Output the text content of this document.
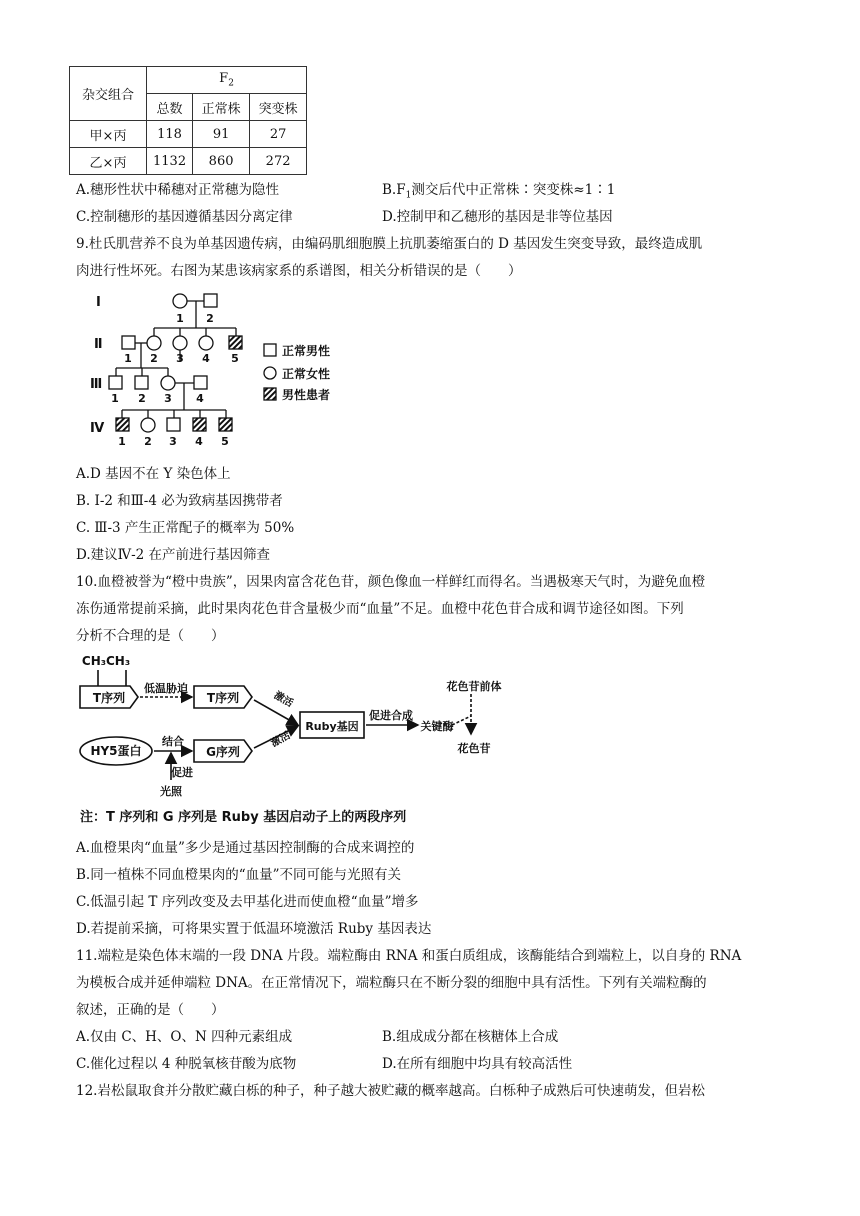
杂交组合	$F_2$
	总数	正常株	突变株
甲×丙	118	91	27
乙×丙	1132	860	272
A.穗形性状中稀穗对正常穗为隐性	$B.F_1$测交后代中正常株∶突变株≈1∶1
C.控制穗形的基因遵循基因分离定律	D.控制甲和乙穗形的基因是非等位基因
9.杜氏肌营养不良为单基因遗传病，由编码肌细胞膜上抗肌萎缩蛋白的 D 基因发生突变导致，最终造成肌
肉进行性坏死。右图为某患该病家系的系谱图，相关分析错误的是（　　）
Ⅰ
Ⅱ
Ⅲ
Ⅳ
1 2
1 2 3 4 5
1 2 3 4
1 2 3 4 5
正常男性
正常女性
男性患者
A.D 基因不在 Y 染色体上
B. Ⅰ-2 和Ⅲ-4 必为致病基因携带者
C. Ⅲ-3 产生正常配子的概率为 50%
D.建议Ⅳ-2 在产前进行基因筛查
10.血橙被誉为“橙中贵族”，因果肉富含花色苷，颜色像血一样鲜红而得名。当遇极寒天气时，为避免血橙
冻伤通常提前采摘，此时果肉花色苷含量极少而“血量”不足。血橙中花色苷合成和调节途径如图。下列
分析不合理的是（　　）
CH₃CH₃
T序列
低温胁迫
T序列
HY5蛋白
结合
促进
光照
G序列
激活
激活
Ruby基因
促进合成
关键酶
花色苷前体
花色苷
注：T 序列和 G 序列是 Ruby 基因启动子上的两段序列
A.血橙果肉“血量”多少是通过基因控制酶的合成来调控的
B.同一植株不同血橙果肉的“血量”不同可能与光照有关
C.低温引起 T 序列改变及去甲基化进而使血橙“血量”增多
D.若提前采摘，可将果实置于低温环境激活 Ruby 基因表达
11.端粒是染色体末端的一段 DNA 片段。端粒酶由 RNA 和蛋白质组成，该酶能结合到端粒上，以自身的 RNA
为模板合成并延伸端粒 DNA。在正常情况下，端粒酶只在不断分裂的细胞中具有活性。下列有关端粒酶的
叙述，正确的是（　　）
A.仅由 C、H、O、N 四种元素组成	B.组成成分都在核糖体上合成
C.催化过程以 4 种脱氧核苷酸为底物	D.在所有细胞中均具有较高活性
12.岩松鼠取食并分散贮藏白栎的种子，种子越大被贮藏的概率越高。白栎种子成熟后可快速萌发，但岩松
